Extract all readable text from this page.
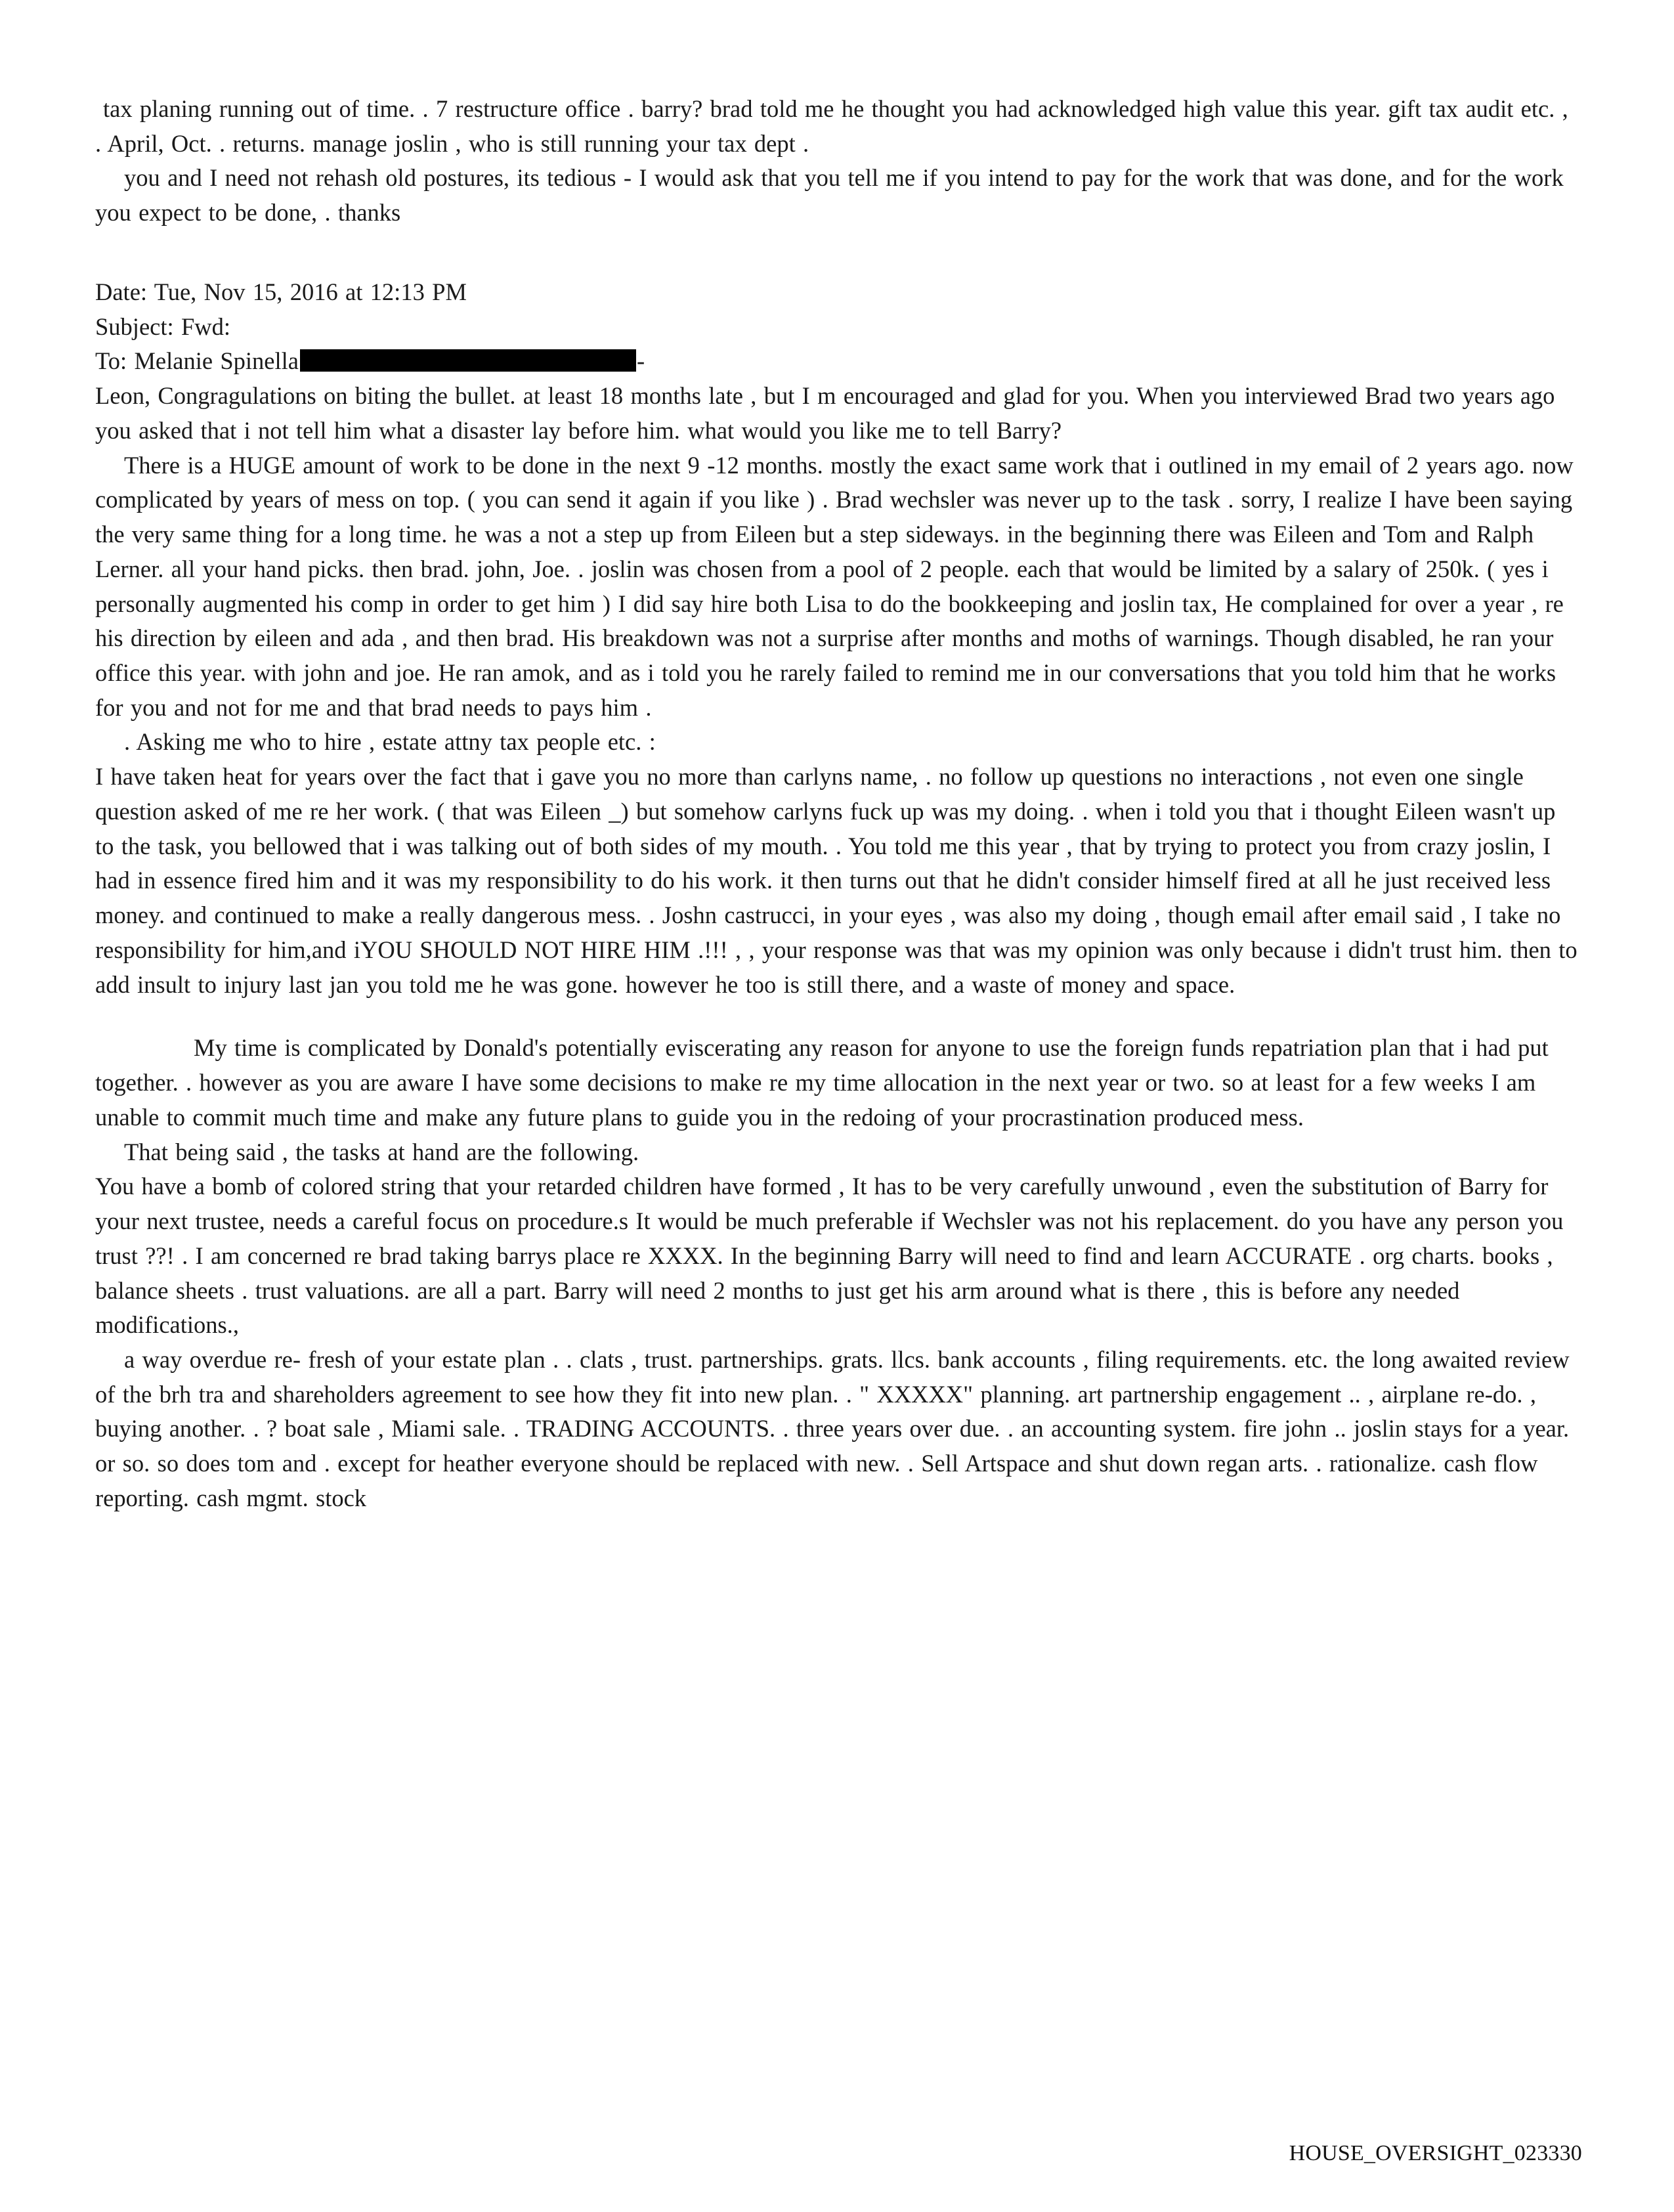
tax planing running out of time. . 7 restructure office . barry? brad told me he thought you had acknowledged high value this year. gift tax audit etc. , . April, Oct. . returns. manage joslin , who is still running your tax dept .

you and I need not rehash old postures, its tedious - I would ask that you tell me if you intend to pay for the work that was done, and for the work you expect to be done, . thanks

Date: Tue, Nov 15, 2016 at 12:13 PM

Subject: Fwd:

To: Melanie Spinella	-

Leon, Congragulations on biting the bullet. at least 18 months late , but I m encouraged and glad for you. When you interviewed Brad two years ago you asked that i not tell him what a disaster lay before him. what would you like me to tell Barry?

There is a HUGE amount of work to be done in the next 9 -12 months. mostly the exact same work that i outlined in my email of 2 years ago. now complicated by years of mess on top. ( you can send it again if you like ) . Brad wechsler was never up to the task . sorry, I realize I have been saying the very same thing for a long time. he was a not a step up from Eileen but a step sideways. in the beginning there was Eileen and Tom and Ralph Lerner. all your hand picks. then brad. john, Joe. . joslin was chosen from a pool of 2 people. each that would be limited by a salary of 250k. ( yes i personally augmented his comp in order to get him ) I did say hire both Lisa to do the bookkeeping and joslin tax, He complained for over a year , re his direction by eileen and ada , and then brad. His breakdown was not a surprise after months and moths of warnings. Though disabled, he ran your office this year. with john and joe. He ran amok, and as i told you he rarely failed to remind me in our conversations that you told him that he works for you and not for me and that brad needs to pays him .

. Asking me who to hire , estate attny tax people etc. :

I have taken heat for years over the fact that i gave you no more than carlyns name, . no follow up questions no interactions , not even one single question asked of me re her work. ( that was Eileen _) but somehow carlyns fuck up was my doing. . when i told you that i thought Eileen wasn't up to the task, you bellowed that i was talking out of both sides of my mouth. . You told me this year , that by trying to protect you from crazy joslin, I had in essence fired him and it was my responsibility to do his work. it then turns out that he didn't consider himself fired at all he just received less money. and continued to make a really dangerous mess. . Joshn castrucci, in your eyes , was also my doing , though email after email said , I take no responsibility for him,and iYOU SHOULD NOT HIRE HIM .!!! , , your response was that was my opinion was only because i didn't trust him. then to add insult to injury last jan you told me he was gone. however he too is still there, and a waste of money and space.

My time is complicated by Donald's potentially eviscerating any reason for anyone to use the foreign funds repatriation plan that i had put together. . however as you are aware I have some decisions to make re my time allocation in the next year or two. so at least for a few weeks I am unable to commit much time and make any future plans to guide you in the redoing of your procrastination produced mess.

That being said , the tasks at hand are the following.

You have a bomb of colored string that your retarded children have formed , It has to be very carefully unwound , even the substitution of Barry for your next trustee, needs a careful focus on procedure.s It would be much preferable if Wechsler was not his replacement. do you have any person you trust ??! . I am concerned re brad taking barrys place re XXXX. In the beginning Barry will need to find and learn ACCURATE . org charts. books , balance sheets . trust valuations. are all a part. Barry will need 2 months to just get his arm around what is there , this is before any needed modifications.,

a way overdue re- fresh of your estate plan . . clats , trust. partnerships. grats. llcs. bank accounts , filing requirements. etc. the long awaited review of the brh tra and shareholders agreement to see how they fit into new plan. . " XXXXX" planning. art partnership engagement .. , airplane re-do. , buying another. . ? boat sale , Miami sale. . TRADING ACCOUNTS. . three years over due. . an accounting system. fire john .. joslin stays for a year. or so. so does tom and . except for heather everyone should be replaced with new. . Sell Artspace and shut down regan arts. . rationalize. cash flow reporting. cash mgmt. stock

HOUSE_OVERSIGHT_023330
